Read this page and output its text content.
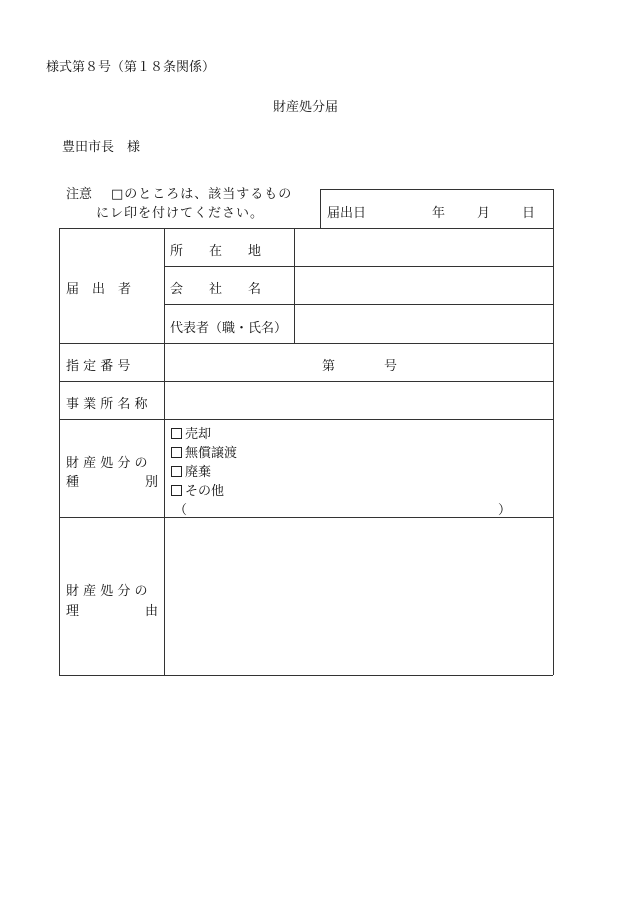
様式第８号（第１８条関係）
財産処分届
豊田市長　様
注意 □のところは、該当するもの
にレ印を付けてください。	届出日	年 月 日
届　出　者
所　　在　　地
会　　社　　名
代表者（職・氏名）
指 定 番 号	第	号
事 業 所 名 称
財 産 処 分 の
種	別
売却
無償譲渡
廃棄
その他
（	）
財 産 処 分 の
理	由
